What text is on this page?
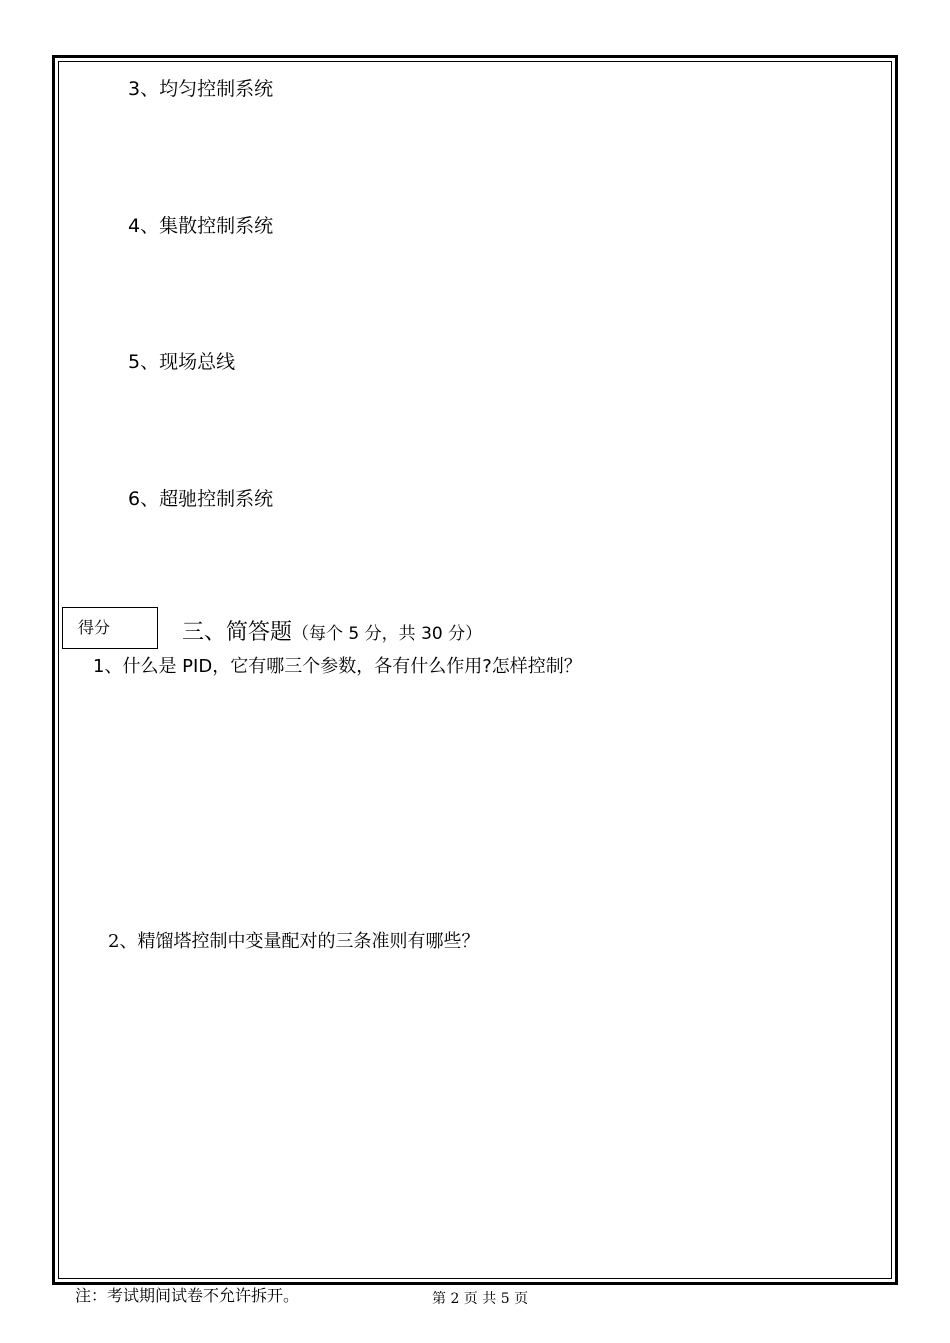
3、均匀控制系统
4、集散控制系统
5、现场总线
6、超驰控制系统
得分	三、简答题（每个 5 分，共 30 分）
1、什么是 PID，它有哪三个参数，各有什么作用?怎样控制？
2、精馏塔控制中变量配对的三条准则有哪些？
注：考试期间试卷不允许拆开。	第 2 页 共 5 页
